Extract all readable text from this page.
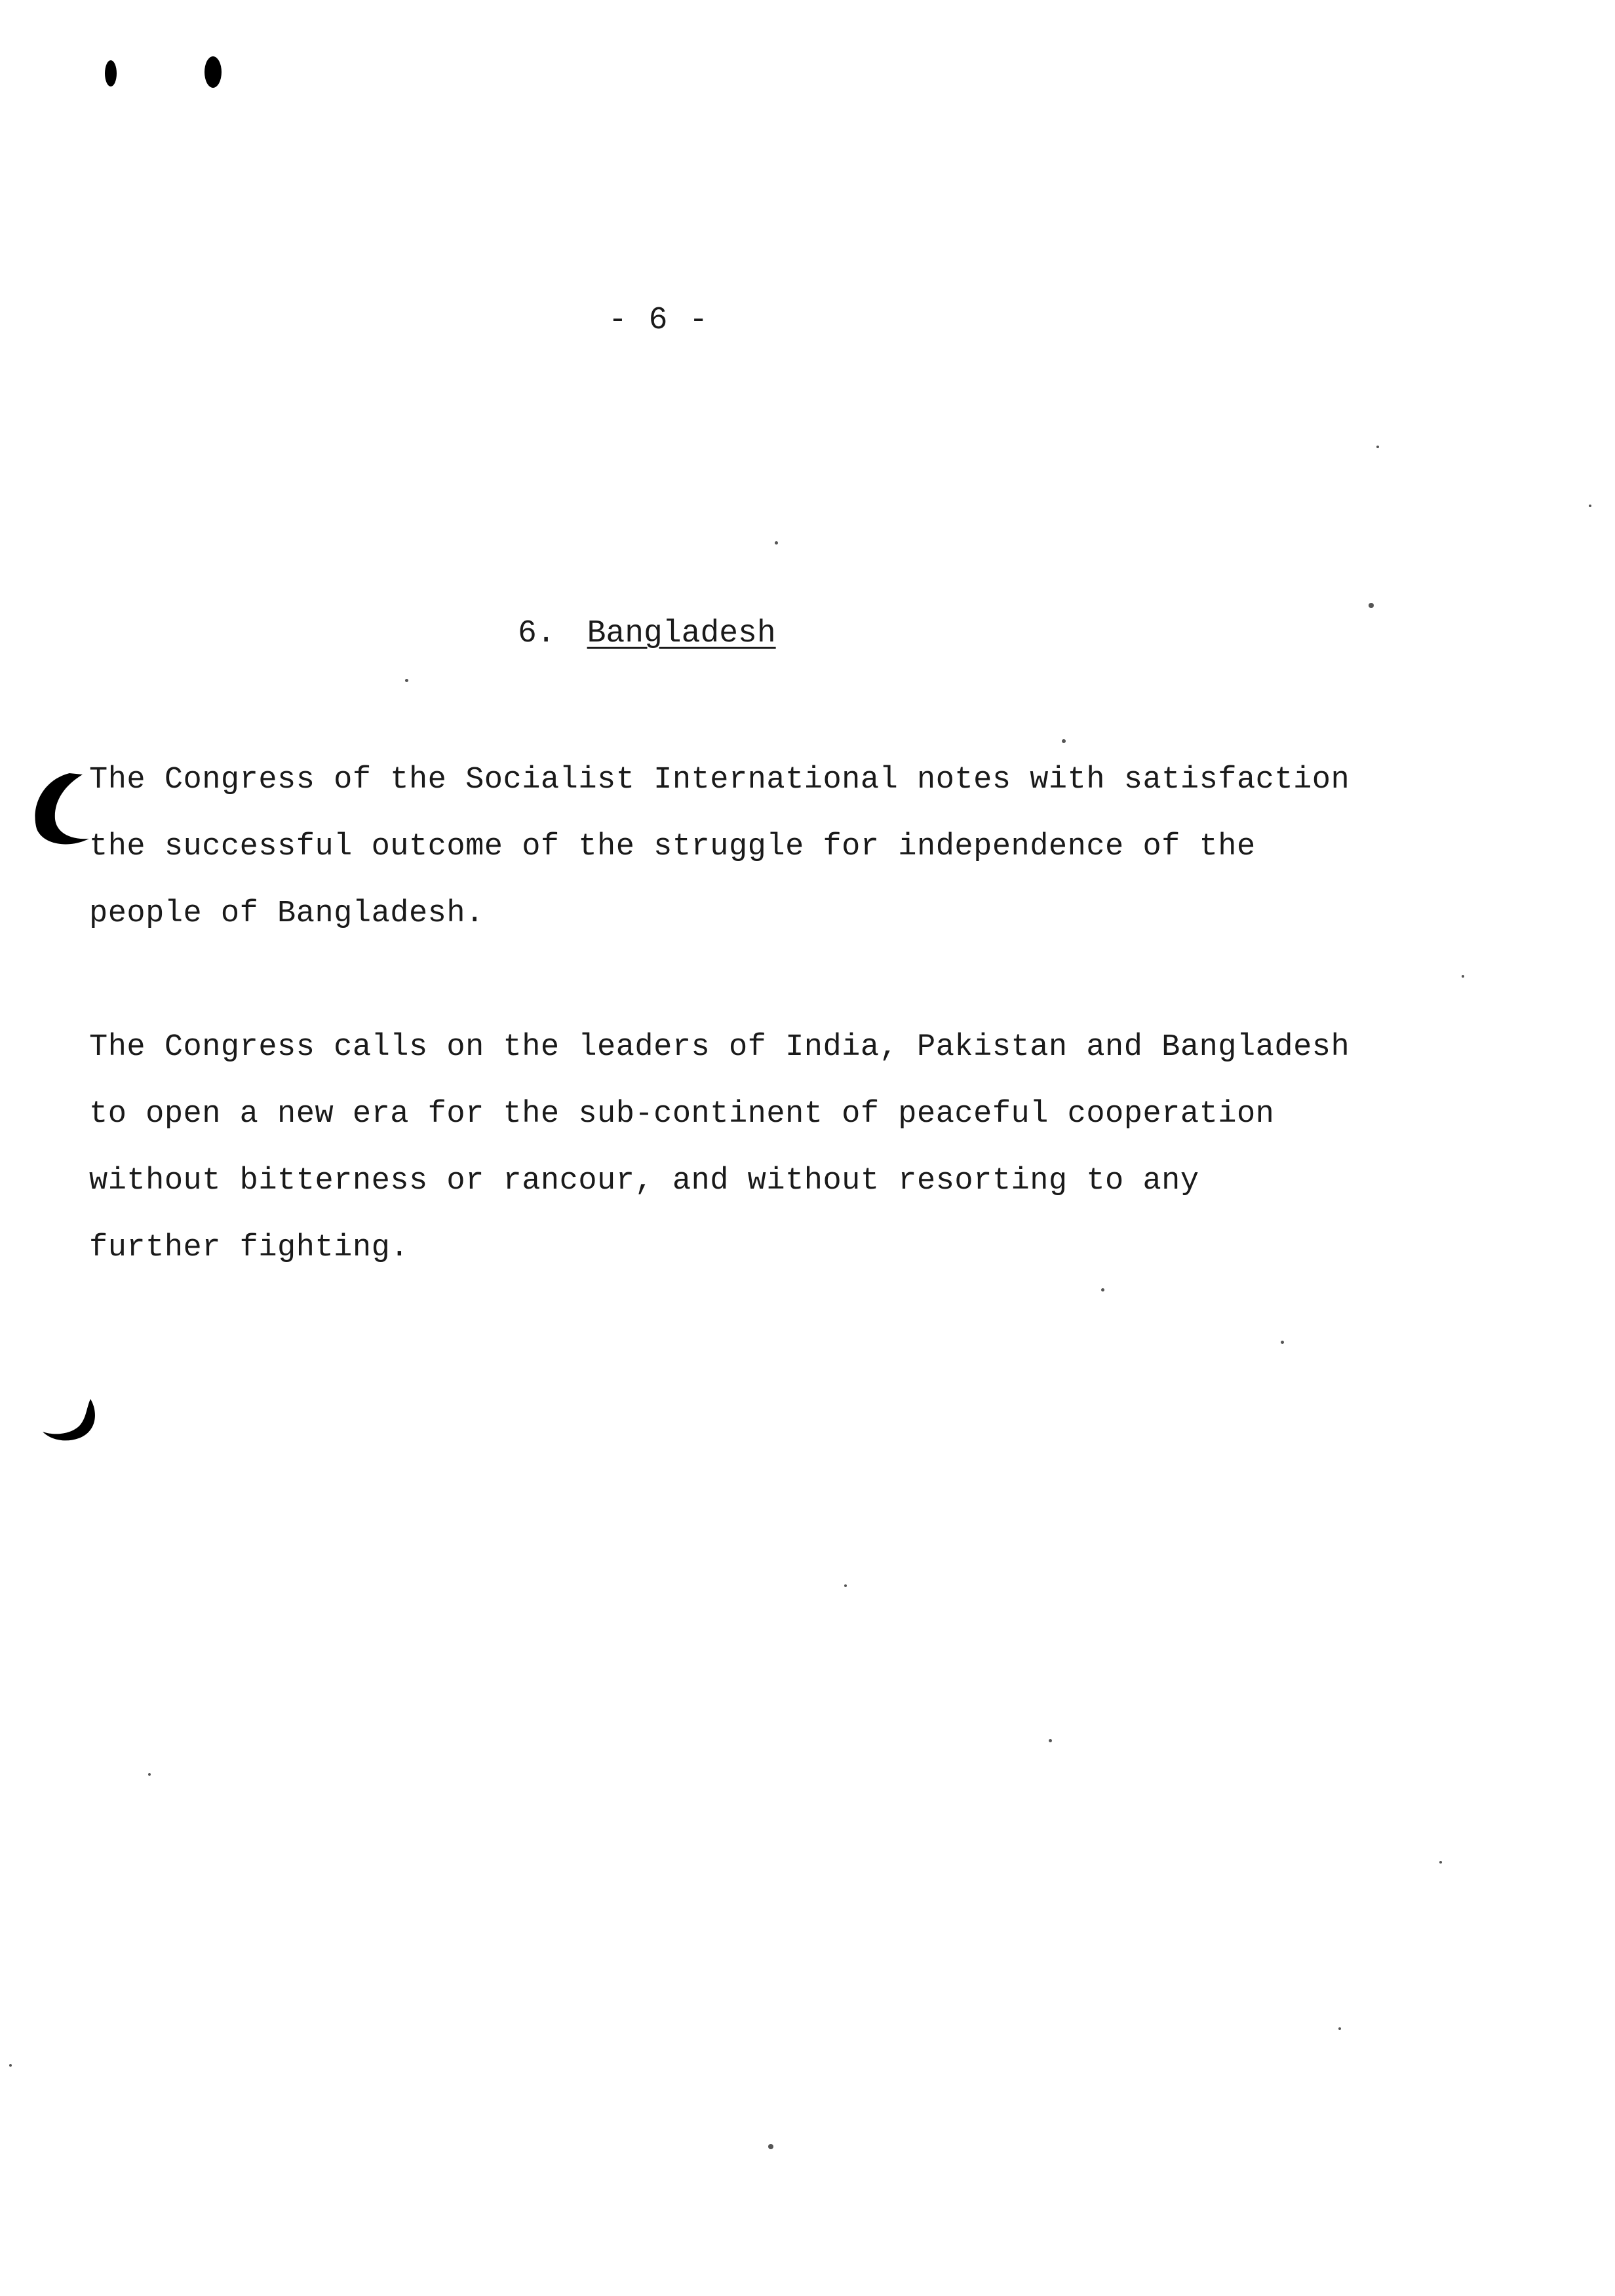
- 6 -
6. Bangladesh
The Congress of the Socialist International notes with satisfaction
the successful outcome of the struggle for independence of the
people of Bangladesh.
The Congress calls on the leaders of India, Pakistan and Bangladesh
to open a new era for the sub-continent of peaceful cooperation
without bitterness or rancour, and without resorting to any
further fighting.
